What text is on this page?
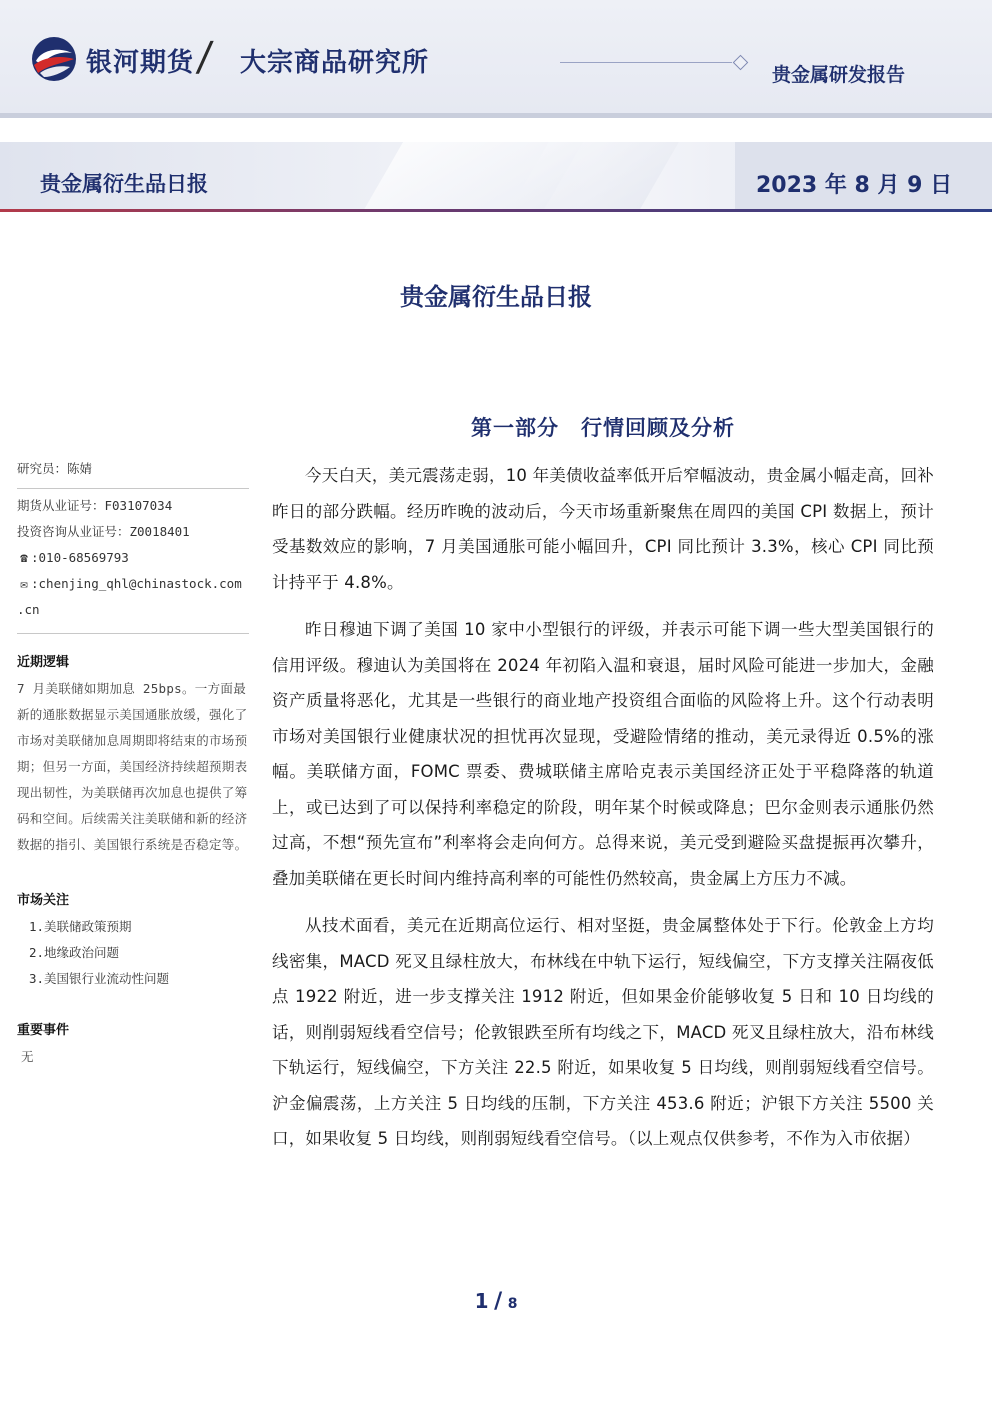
银河期货 / 大宗商品研究所	贵金属研发报告
贵金属衍生品日报	2023 年 8 月 9 日
贵金属衍生品日报
研究员：陈婧
期货从业证号：F03107034
投资咨询从业证号：Z0018401
☎ :010-68569793
✉ :chenjing_qhl@chinastock.com
.cn
近期逻辑
7 月美联储如期加息 25bps。一方面最新的通胀数据显示美国通胀放缓，强化了市场对美联储加息周期即将结束的市场预期；但另一方面，美国经济持续超预期表现出韧性，为美联储再次加息也提供了筹码和空间。后续需关注美联储和新的经济数据的指引、美国银行系统是否稳定等。
市场关注
1.美联储政策预期
2.地缘政治问题
3.美国银行业流动性问题
重要事件
无
第一部分　行情回顾及分析

今天白天，美元震荡走弱，10 年美债收益率低开后窄幅波动，贵金属小幅走高，回补昨日的部分跌幅。经历昨晚的波动后，今天市场重新聚焦在周四的美国 CPI 数据上，预计受基数效应的影响，7 月美国通胀可能小幅回升，CPI 同比预计 3.3%，核心 CPI 同比预计持平于 4.8%。

昨日穆迪下调了美国 10 家中小型银行的评级，并表示可能下调一些大型美国银行的信用评级。穆迪认为美国将在 2024 年初陷入温和衰退，届时风险可能进一步加大，金融资产质量将恶化，尤其是一些银行的商业地产投资组合面临的风险将上升。这个行动表明市场对美国银行业健康状况的担忧再次显现，受避险情绪的推动，美元录得近 0.5%的涨幅。美联储方面，FOMC 票委、费城联储主席哈克表示美国经济正处于平稳降落的轨道上，或已达到了可以保持利率稳定的阶段，明年某个时候或降息；巴尔金则表示通胀仍然过高，不想“预先宣布”利率将会走向何方。总得来说，美元受到避险买盘提振再次攀升，叠加美联储在更长时间内维持高利率的可能性仍然较高，贵金属上方压力不减。

从技术面看，美元在近期高位运行、相对坚挺，贵金属整体处于下行。伦敦金上方均线密集，MACD 死叉且绿柱放大，布林线在中轨下运行，短线偏空，下方支撑关注隔夜低点 1922 附近，进一步支撑关注 1912 附近，但如果金价能够收复 5 日和 10 日均线的话，则削弱短线看空信号；伦敦银跌至所有均线之下，MACD 死叉且绿柱放大，沿布林线下轨运行，短线偏空，下方关注 22.5 附近，如果收复 5 日均线，则削弱短线看空信号。沪金偏震荡，上方关注 5 日均线的压制，下方关注 453.6 附近；沪银下方关注 5500 关口，如果收复 5 日均线，则削弱短线看空信号。（以上观点仅供参考，不作为入市依据）

1 / 8
